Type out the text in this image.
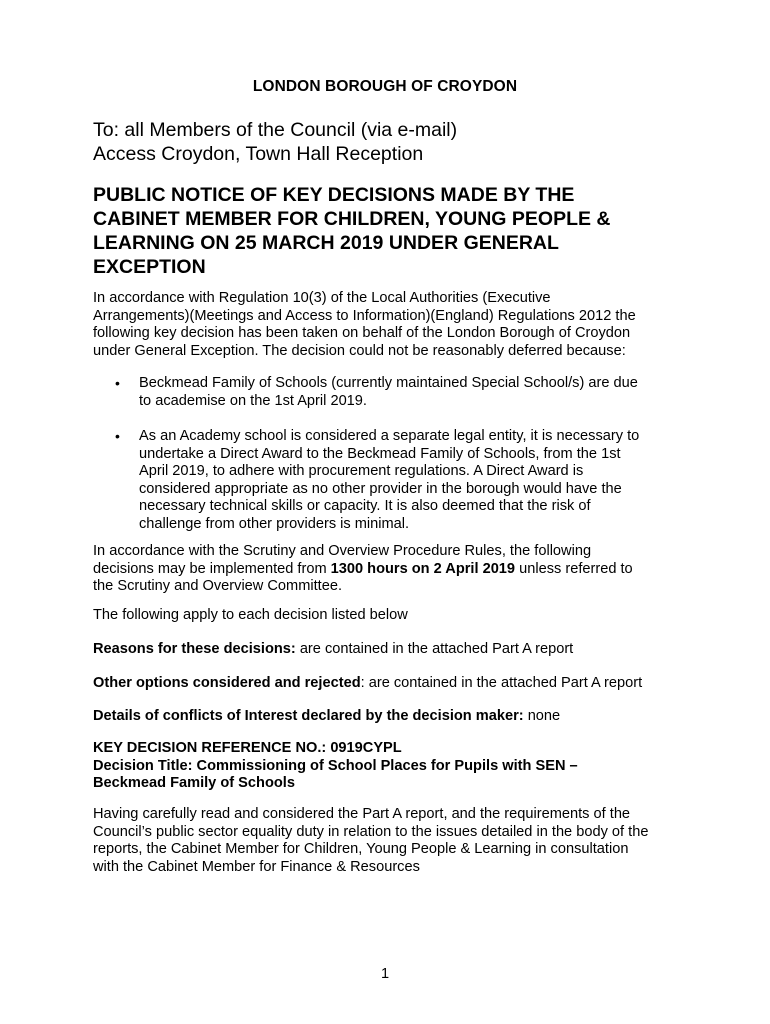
LONDON BOROUGH OF CROYDON
To: all Members of the Council (via e-mail)
Access Croydon, Town Hall Reception
PUBLIC NOTICE OF KEY DECISIONS MADE BY THE
CABINET MEMBER FOR CHILDREN, YOUNG PEOPLE &
LEARNING ON 25 MARCH 2019 UNDER GENERAL
EXCEPTION
In accordance with Regulation 10(3) of the Local Authorities (Executive
Arrangements)(Meetings and Access to Information)(England) Regulations 2012 the
following key decision has been taken on behalf of the London Borough of Croydon
under General Exception. The decision could not be reasonably deferred because:
• Beckmead Family of Schools (currently maintained Special School/s) are due
to academise on the 1st April 2019.
• As an Academy school is considered a separate legal entity, it is necessary to
undertake a Direct Award to the Beckmead Family of Schools, from the 1st
April 2019, to adhere with procurement regulations. A Direct Award is
considered appropriate as no other provider in the borough would have the
necessary technical skills or capacity. It is also deemed that the risk of
challenge from other providers is minimal.
In accordance with the Scrutiny and Overview Procedure Rules, the following
decisions may be implemented from 1300 hours on 2 April 2019 unless referred to
the Scrutiny and Overview Committee.
The following apply to each decision listed below
Reasons for these decisions: are contained in the attached Part A report
Other options considered and rejected: are contained in the attached Part A report
Details of conflicts of Interest declared by the decision maker: none
KEY DECISION REFERENCE NO.: 0919CYPL
Decision Title: Commissioning of School Places for Pupils with SEN –
Beckmead Family of Schools
Having carefully read and considered the Part A report, and the requirements of the
Council’s public sector equality duty in relation to the issues detailed in the body of the
reports, the Cabinet Member for Children, Young People & Learning in consultation
with the Cabinet Member for Finance & Resources
1
